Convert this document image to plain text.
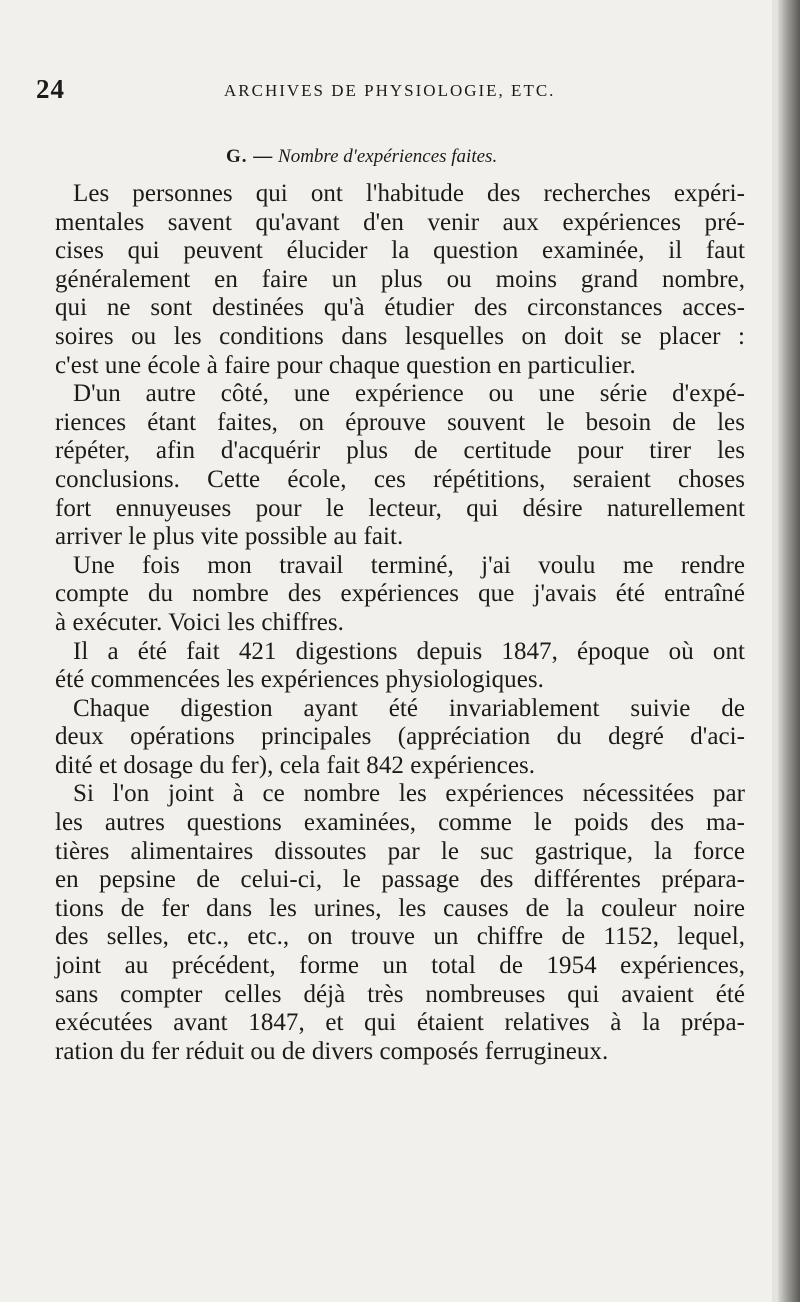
24	ARCHIVES DE PHYSIOLOGIE, ETC.
G. — Nombre d'expériences faites.
Les personnes qui ont l'habitude des recherches expéri-
mentales savent qu'avant d'en venir aux expériences pré-
cises qui peuvent élucider la question examinée, il faut
généralement en faire un plus ou moins grand nombre,
qui ne sont destinées qu'à étudier des circonstances acces-
soires ou les conditions dans lesquelles on doit se placer :
c'est une école à faire pour chaque question en particulier.
D'un autre côté, une expérience ou une série d'expé-
riences étant faites, on éprouve souvent le besoin de les
répéter, afin d'acquérir plus de certitude pour tirer les
conclusions. Cette école, ces répétitions, seraient choses
fort ennuyeuses pour le lecteur, qui désire naturellement
arriver le plus vite possible au fait.
Une fois mon travail terminé, j'ai voulu me rendre
compte du nombre des expériences que j'avais été entraîné
à exécuter. Voici les chiffres.
Il a été fait 421 digestions depuis 1847, époque où ont
été commencées les expériences physiologiques.
Chaque digestion ayant été invariablement suivie de
deux opérations principales (appréciation du degré d'aci-
dité et dosage du fer), cela fait 842 expériences.
Si l'on joint à ce nombre les expériences nécessitées par
les autres questions examinées, comme le poids des ma-
tières alimentaires dissoutes par le suc gastrique, la force
en pepsine de celui-ci, le passage des différentes prépara-
tions de fer dans les urines, les causes de la couleur noire
des selles, etc., etc., on trouve un chiffre de 1152, lequel,
joint au précédent, forme un total de 1954 expériences,
sans compter celles déjà très nombreuses qui avaient été
exécutées avant 1847, et qui étaient relatives à la prépa-
ration du fer réduit ou de divers composés ferrugineux.
